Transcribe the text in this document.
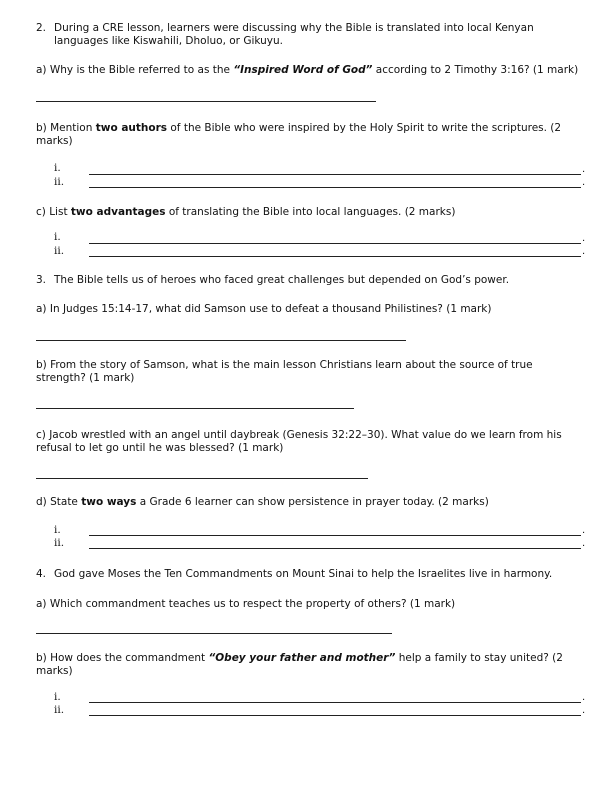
2. During a CRE lesson, learners were discussing why the Bible is translated into local Kenyan languages like Kiswahili, Dholuo, or Gikuyu.
a) Why is the Bible referred to as the “Inspired Word of God” according to 2 Timothy 3:16? (1 mark)
b) Mention two authors of the Bible who were inspired by the Holy Spirit to write the scriptures. (2 marks)
i.	.
ii.	.
c) List two advantages of translating the Bible into local languages. (2 marks)
i.	.
ii.	.
3. The Bible tells us of heroes who faced great challenges but depended on God’s power.
a) In Judges 15:14-17, what did Samson use to defeat a thousand Philistines? (1 mark)
b) From the story of Samson, what is the main lesson Christians learn about the source of true strength? (1 mark)
c) Jacob wrestled with an angel until daybreak (Genesis 32:22–30). What value do we learn from his refusal to let go until he was blessed? (1 mark)
d) State two ways a Grade 6 learner can show persistence in prayer today. (2 marks)
i.	.
ii.	.
4. God gave Moses the Ten Commandments on Mount Sinai to help the Israelites live in harmony.
a) Which commandment teaches us to respect the property of others? (1 mark)
b) How does the commandment “Obey your father and mother” help a family to stay united? (2 marks)
i.	.
ii.	.
